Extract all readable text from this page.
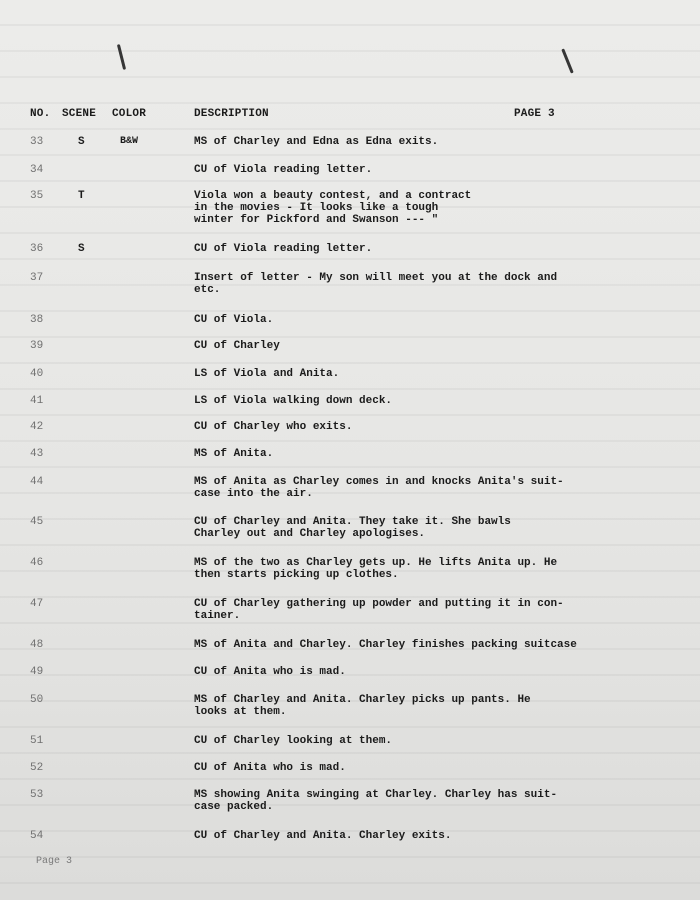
NO. SCENE COLOR	DESCRIPTION	PAGE 3
33	S	B&W	MS of Charley and Edna as Edna exits.
34	CU of Viola reading letter.
35	T	Viola won a beauty contest, and a contract
in the movies - It looks like a tough
winter for Pickford and Swanson --- "
36	S	CU of Viola reading letter.
37	Insert of letter - My son will meet you at the dock and
etc.
38	CU of Viola.
39	CU of Charley
40	LS of Viola and Anita.
41	LS of Viola walking down deck.
42	CU of Charley who exits.
43	MS of Anita.
44	MS of Anita as Charley comes in and knocks Anita's suit-
case into the air.
45	CU of Charley and Anita. They take it. She bawls
Charley out and Charley apologises.
46	MS of the two as Charley gets up. He lifts Anita up. He
then starts picking up clothes.
47	CU of Charley gathering up powder and putting it in con-
tainer.
48	MS of Anita and Charley. Charley finishes packing suitcase
49	CU of Anita who is mad.
50	MS of Charley and Anita. Charley picks up pants. He
looks at them.
51	CU of Charley looking at them.
52	CU of Anita who is mad.
53	MS showing Anita swinging at Charley. Charley has suit-
case packed.
54	CU of Charley and Anita. Charley exits.
Page 3
